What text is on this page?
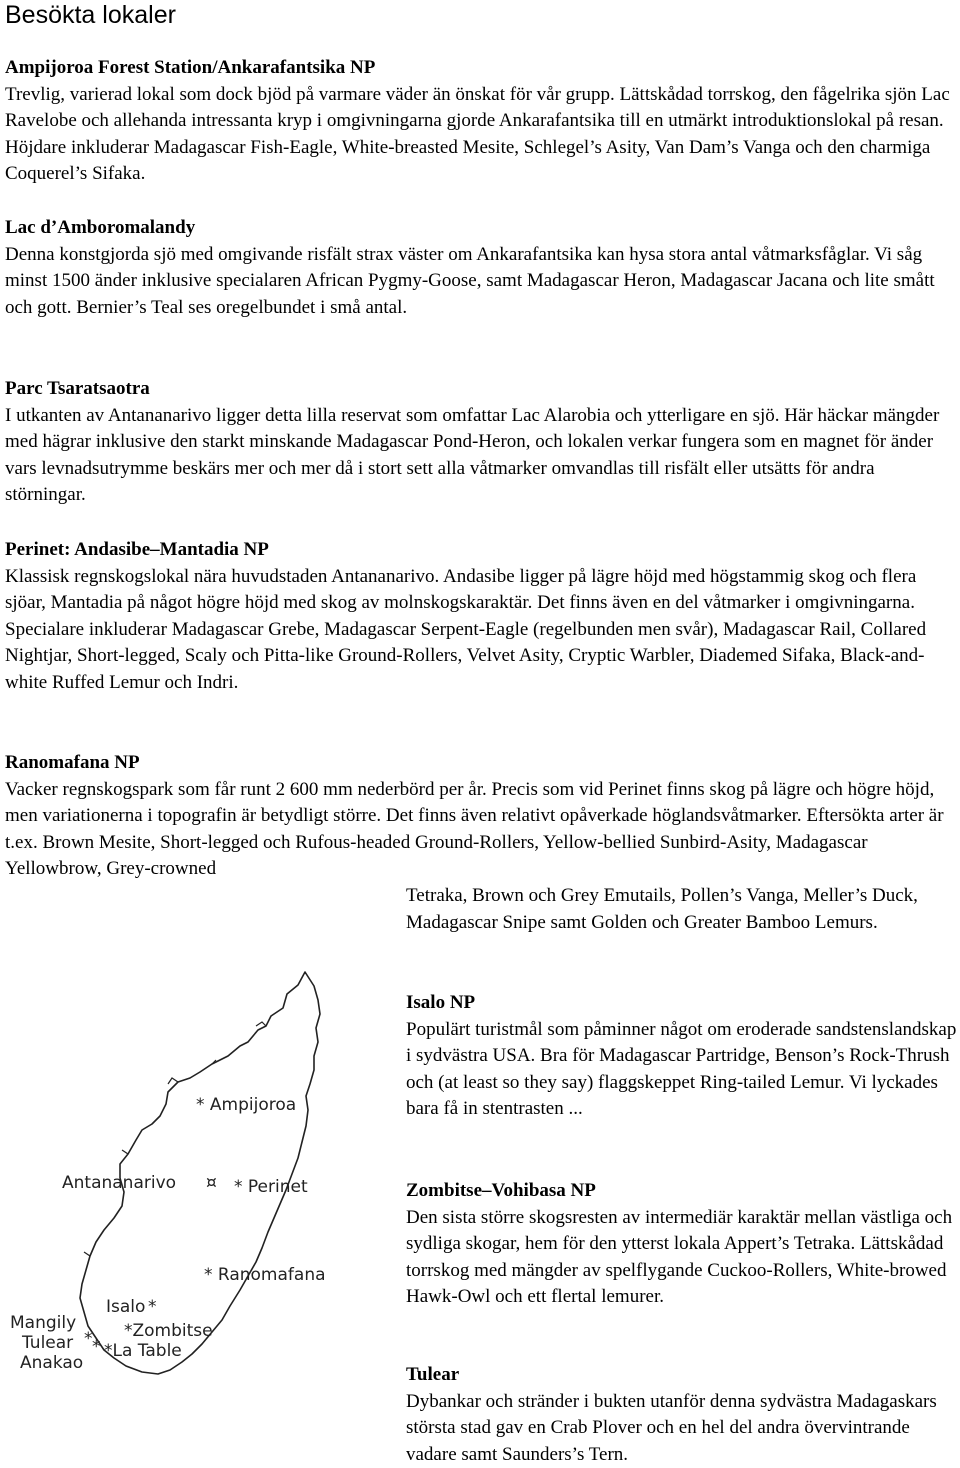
Besökta lokaler
Ampijoroa Forest Station/Ankarafantsika NP

Trevlig, varierad lokal som dock bjöd på varmare väder än önskat för vår grupp. Lättskådad torrskog, den fågelrika sjön Lac Ravelobe och allehanda intressanta kryp i omgivningarna gjorde Ankarafantsika till en utmärkt introduktionslokal på resan. Höjdare inkluderar Madagascar Fish-Eagle, White-breasted Mesite, Schlegel’s Asity, Van Dam’s Vanga och den charmiga Coquerel’s Sifaka.

Lac d’Amboromalandy

Denna konstgjorda sjö med omgivande risfält strax väster om Ankarafantsika kan hysa stora antal våtmarksfåglar. Vi såg minst 1500 änder inklusive specialaren African Pygmy-Goose, samt Madagascar Heron, Madagascar Jacana och lite smått och gott. Bernier’s Teal ses oregelbundet i små antal.

Parc Tsaratsaotra

I utkanten av Antananarivo ligger detta lilla reservat som omfattar Lac Alarobia och ytterligare en sjö. Här häckar mängder med hägrar inklusive den starkt minskande Madagascar Pond-Heron, och lokalen verkar fungera som en magnet för änder vars levnadsutrymme beskärs mer och mer då i stort sett alla våtmarker omvandlas till risfält eller utsätts för andra störningar.

Perinet: Andasibe–Mantadia NP

Klassisk regnskogslokal nära huvudstaden Antananarivo. Andasibe ligger på lägre höjd med högstammig skog och flera sjöar, Mantadia på något högre höjd med skog av molnskogskaraktär. Det finns även en del våtmarker i omgivningarna. Specialare inkluderar Madagascar Grebe, Madagascar Serpent-Eagle (regelbunden men svår), Madagascar Rail, Collared Nightjar, Short-legged, Scaly och Pitta-like Ground-Rollers, Velvet Asity, Cryptic Warbler, Diademed Sifaka, Black-and-white Ruffed Lemur och Indri.

Ranomafana NP

Vacker regnskogspark som får runt 2 600 mm nederbörd per år. Precis som vid Perinet finns skog på lägre och högre höjd, men variationerna i topografin är betydligt större. Det finns även relativt opåverkade höglandsvåtmarker. Eftersökta arter är t.ex. Brown Mesite, Short-legged och Rufous-headed Ground-Rollers, Yellow-bellied Sunbird-Asity, Madagascar Yellowbrow, Grey-crowned

Tetraka, Brown och Grey Emutails, Pollen’s Vanga, Meller’s Duck, Madagascar Snipe samt Golden och Greater Bamboo Lemurs.

Isalo NP

Populärt turistmål som påminner något om eroderade sandstenslandskap i sydvästra USA. Bra för Madagascar Partridge, Benson’s Rock-Thrush och (at least so they say) flaggskeppet Ring-tailed Lemur. Vi lyckades bara få in stentrasten ...

Zombitse–Vohibasa NP

Den sista större skogsresten av intermediär karaktär mellan västliga och sydliga skogar, hem för den ytterst lokala Appert’s Tetraka. Lättskådad torrskog med mängder av spelflygande Cuckoo-Rollers, White-browed Hawk-Owl och ett flertal lemurer.

Tulear

Dybankar och stränder i bukten utanför denna sydvästra Madagaskars största stad gav en Crab Plover och en hel del andra övervintrande vadare samt Saunders’s Tern.

* Ampijoroa
Antananarivo	* Perinet
* Ranomafana
Isalo
*Zombitse
Mangily
Tulear *La Table
Anakao
*
¤
* *
